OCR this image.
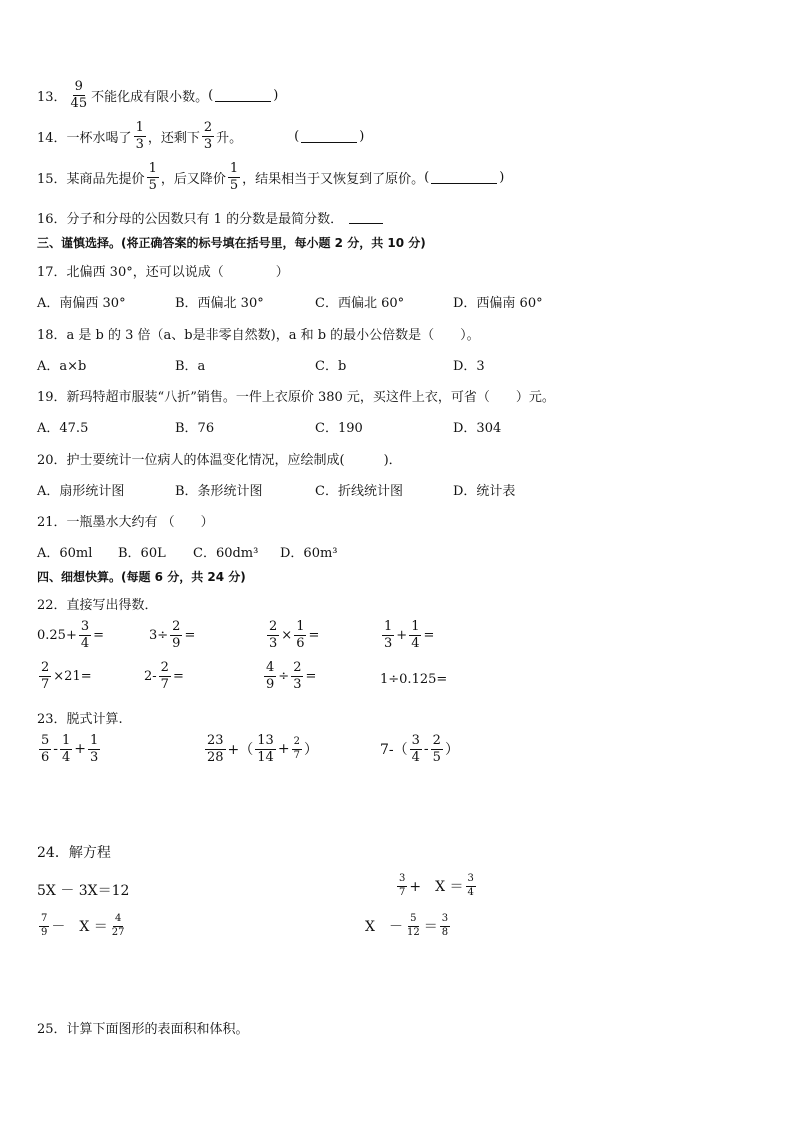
13． $\frac{9}{45}$ 不能化成有限小数。 (	)
14． 一杯水喝了 $\frac{1}{3}$ ，还剩下 $\frac{2}{3}$ 升。	(	)
15． 某商品先提价 $\frac{1}{5}$ ，后又降价 $\frac{1}{5}$ ，结果相当于又恢复到了原价。 (	)
16．分子和分母的公因数只有 1 的分数是最简分数．
三、谨慎选择。(将正确答案的标号填在括号里，每小题 2 分，共 10 分)
17．北偏西 30°，还可以说成（　　　　）
A．南偏西 30°	B．西偏北 30°	C．西偏北 60°	D．西偏南 60°
18．a 是 b 的 3 倍（a、b是非零自然数)，a 和 b 的最小公倍数是（　　）。
A．a×b	B．a	C．b	D．3
19．新玛特超市服装“八折”销售。一件上衣原价 380 元，买这件上衣，可省（　　）元。
A．47.5	B．76	C．190	D．304
20．护士要统计一位病人的体温变化情况，应绘制成(　　　)．
A．扇形统计图	B．条形统计图	C．折线统计图	D．统计表
21．一瓶墨水大约有 （　　）
A．60ml B．60L C．60dm³ D．60m³
四、细想快算。(每题 6 分，共 24 分)
22．直接写出得数．
$0.25+ \frac{3}{4}$ =	$3\div \frac{2}{9}$ =	$\frac{2}{3} \times \frac{1}{6}$ =	$\frac{1}{3} + \frac{1}{4}$ =
$\frac{2}{7} \times 21=$	$2- \frac{2}{7}$ =	$\frac{4}{9} \div \frac{2}{3}$ =	1÷0.125=
23．脱式计算.
$\frac{5}{6} - \frac{1}{4} + \frac{1}{3}$	$\frac{23}{28}$ +（ $\frac{13}{14} + \frac{2}{7}$ ）	$7-( \frac{3}{4} - \frac{2}{5}$ ）
24．解方程
5X － 3X＝12	$\frac{3}{7}$ +　$X = \frac{3}{4}$
$\frac{7}{9}$ －　$X = \frac{4}{27}$	X　－ $\frac{5}{12} = \frac{3}{8}$
25．计算下面图形的表面积和体积。
